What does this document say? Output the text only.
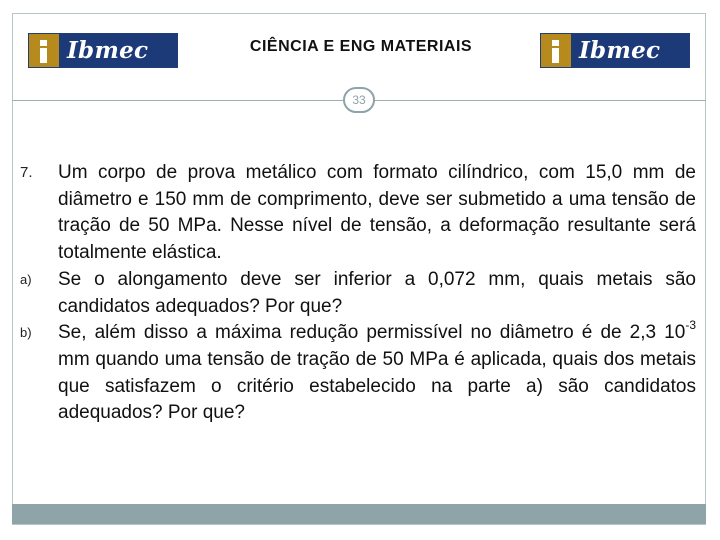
Ibmec	CIÊNCIA E ENG MATERIAIS	Ibmec
33
7.	Um corpo de prova metálico com formato cilíndrico, com 15,0 mm de diâmetro e 150 mm de comprimento, deve ser submetido a uma tensão de tração de 50 MPa. Nesse nível de tensão, a deformação resultante será totalmente elástica.
a)	Se o alongamento deve ser inferior a 0,072 mm, quais metais são candidatos adequados? Por que?
b)	Se, além disso a máxima redução permissível no diâmetro é de 2,3 $10^{-3}$ mm quando uma tensão de tração de 50 MPa é aplicada, quais dos metais que satisfazem o critério estabelecido na parte a) são candidatos adequados? Por que?
